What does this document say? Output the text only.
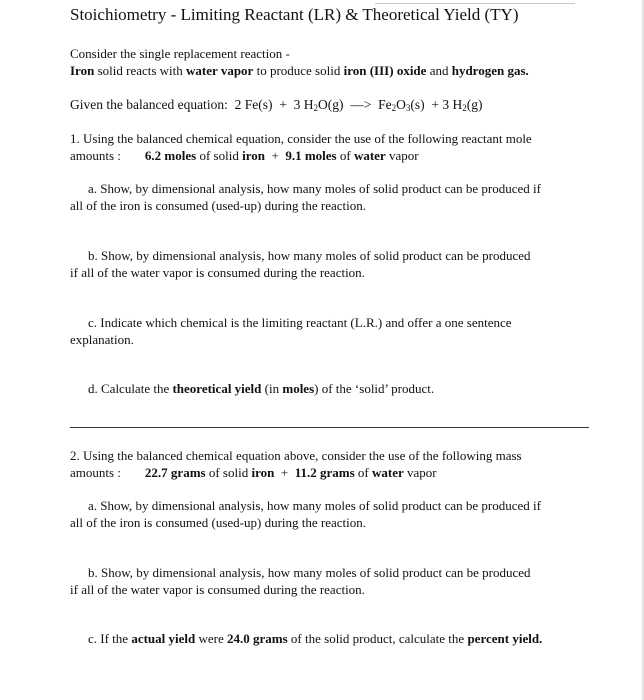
Stoichiometry - Limiting Reactant (LR) & Theoretical Yield (TY)
Consider the single replacement reaction -
Iron solid reacts with water vapor to produce solid iron (III) oxide and hydrogen gas.
Given the balanced equation: 2 Fe(s) + 3 $H_2O(g)$ —> $Fe_2O_3(s) + 3$ $H_2(g)$
1. Using the balanced chemical equation, consider the use of the following reactant mole
amounts : 6.2 moles of solid iron  +  9.1 moles of water vapor
a. Show, by dimensional analysis, how many moles of solid product can be produced if
all of the iron is consumed (used-up) during the reaction.
b. Show, by dimensional analysis, how many moles of solid product can be produced
if all of the water vapor is consumed during the reaction.
c. Indicate which chemical is the limiting reactant (L.R.) and offer a one sentence
explanation.
d. Calculate the theoretical yield (in moles) of the ‘solid’ product.
2. Using the balanced chemical equation above, consider the use of the following mass
amounts : 22.7 grams of solid iron  +  11.2 grams of water vapor
a. Show, by dimensional analysis, how many moles of solid product can be produced if
all of the iron is consumed (used-up) during the reaction.
b. Show, by dimensional analysis, how many moles of solid product can be produced
if all of the water vapor is consumed during the reaction.
c. If the actual yield were 24.0 grams of the solid product, calculate the percent yield.
